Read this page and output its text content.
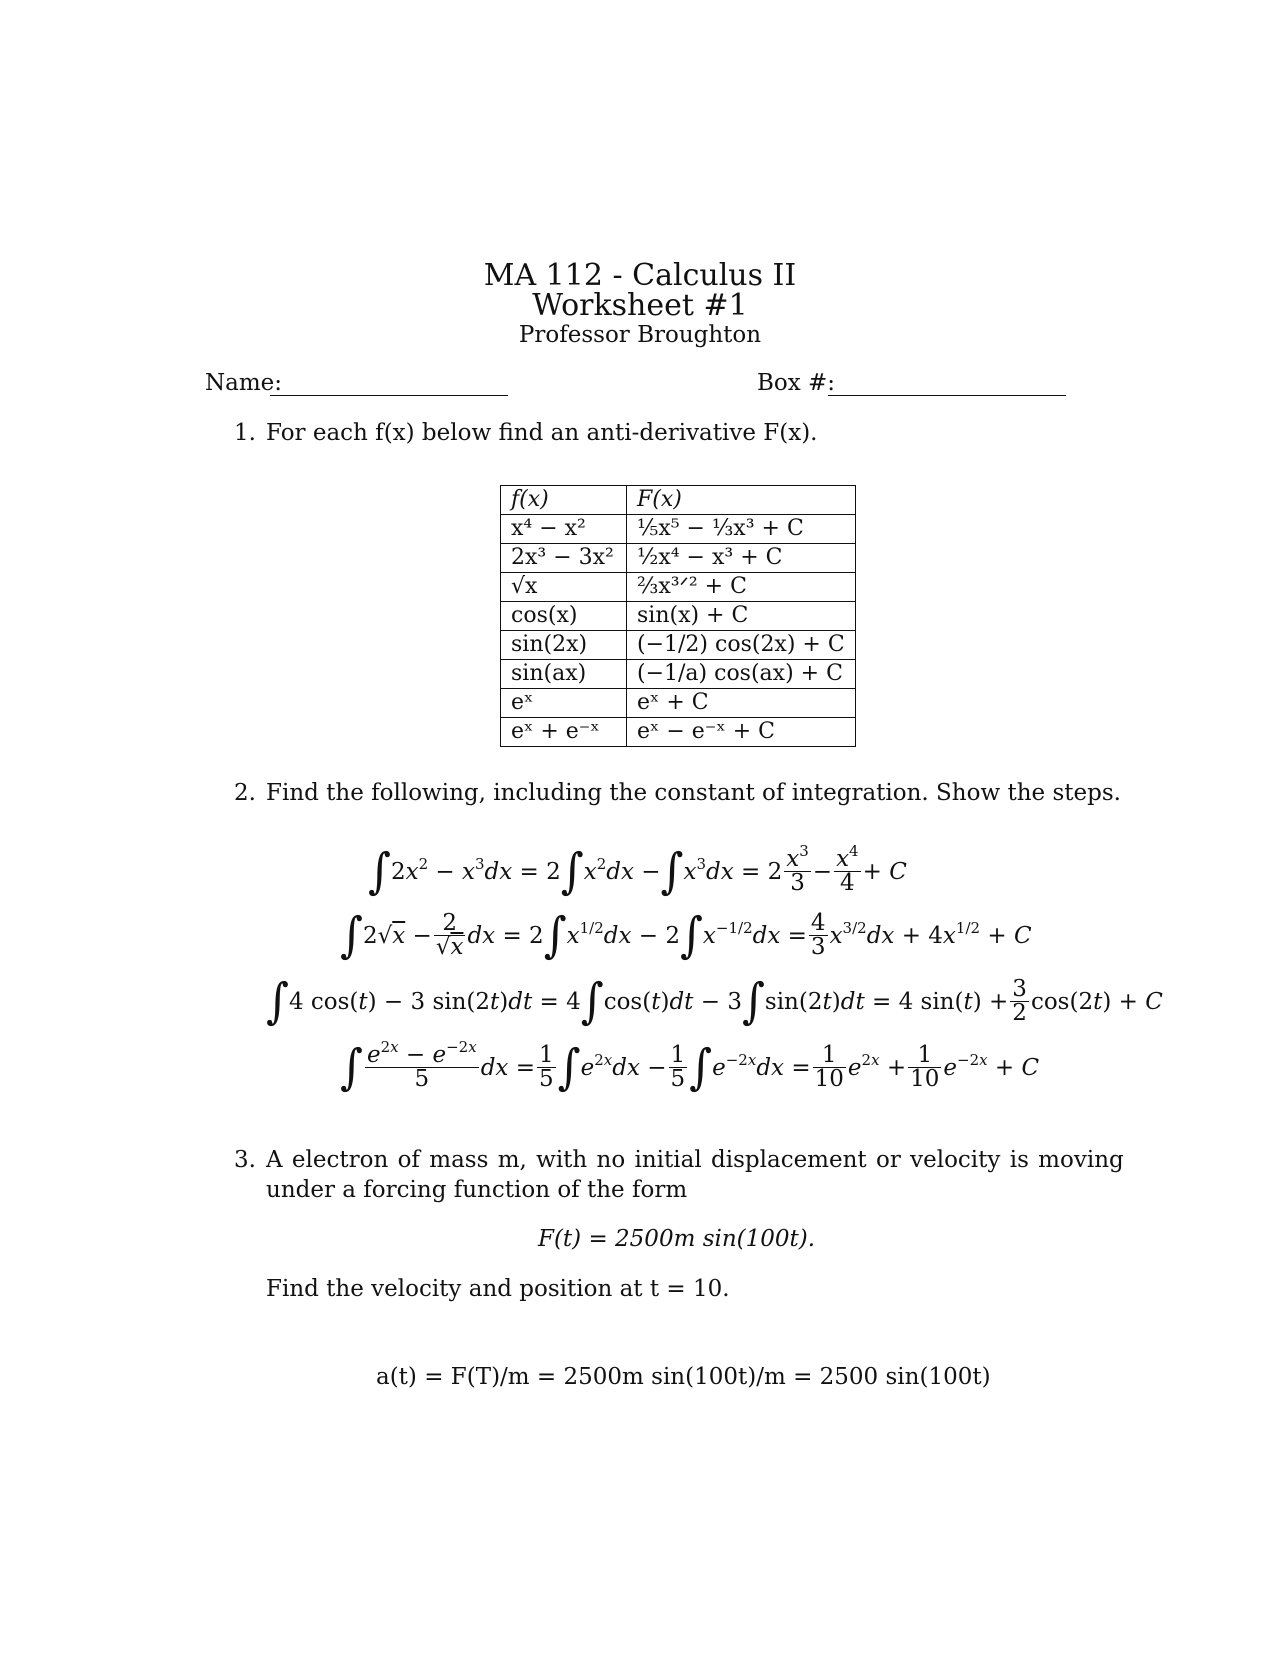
MA 112 - Calculus II
Worksheet #1
Professor Broughton
Name:	Box #:
1. For each f(x) below find an anti-derivative F(x).
f(x)	F(x)
x⁴ − x²	⅕x⁵ − ⅓x³ + C
2x³ − 3x²	½x⁴ − x³ + C
√x	⅔x³ᐟ² + C
cos(x)	sin(x) + C
sin(2x)	(−1/2) cos(2x) + C
sin(ax)	(−1/a) cos(ax) + C
eˣ	eˣ + C
eˣ + e⁻ˣ	eˣ − e⁻ˣ + C
2. Find the following, including the constant of integration. Show the steps.
∫ $2x^2 - x^3dx = 2$ ∫ $x^2dx$ − ∫ $x^3dx = 2$ $x^3$
$3 - \frac{x^4}{4} + C$
∫ $2√x - \frac{2}{√x}$ dx = 2 ∫ $x^{1/2}dx - 2$ ∫ $x^{-1/2}dx = \frac{4}{3} x^{3/2}dx + 4x^{1/2} + C$
∫ 4 cos(t) − 3 sin(2t)dt = 4 ∫ cos(t)dt − 3 ∫ sin(2t)dt = 4 $\sin(t) + \frac{3}{2} \cos(2t) + C$
∫ $e^{2x} - e^{-2x}$
5	dx = $\frac{1}{5}$ ∫ $e^{2x}dx - \frac{1}{5}$ ∫ $e^{-2x}dx = \frac{1}{10} e^{2x} + \frac{1}{10} e^{-2x} + C$
3. A electron of mass m, with no initial displacement or velocity is moving
under a forcing function of the form
F(t) = 2500m sin(100t).
Find the velocity and position at t = 10.
a(t) = F(T)/m = 2500m sin(100t)/m = 2500 sin(100t)
